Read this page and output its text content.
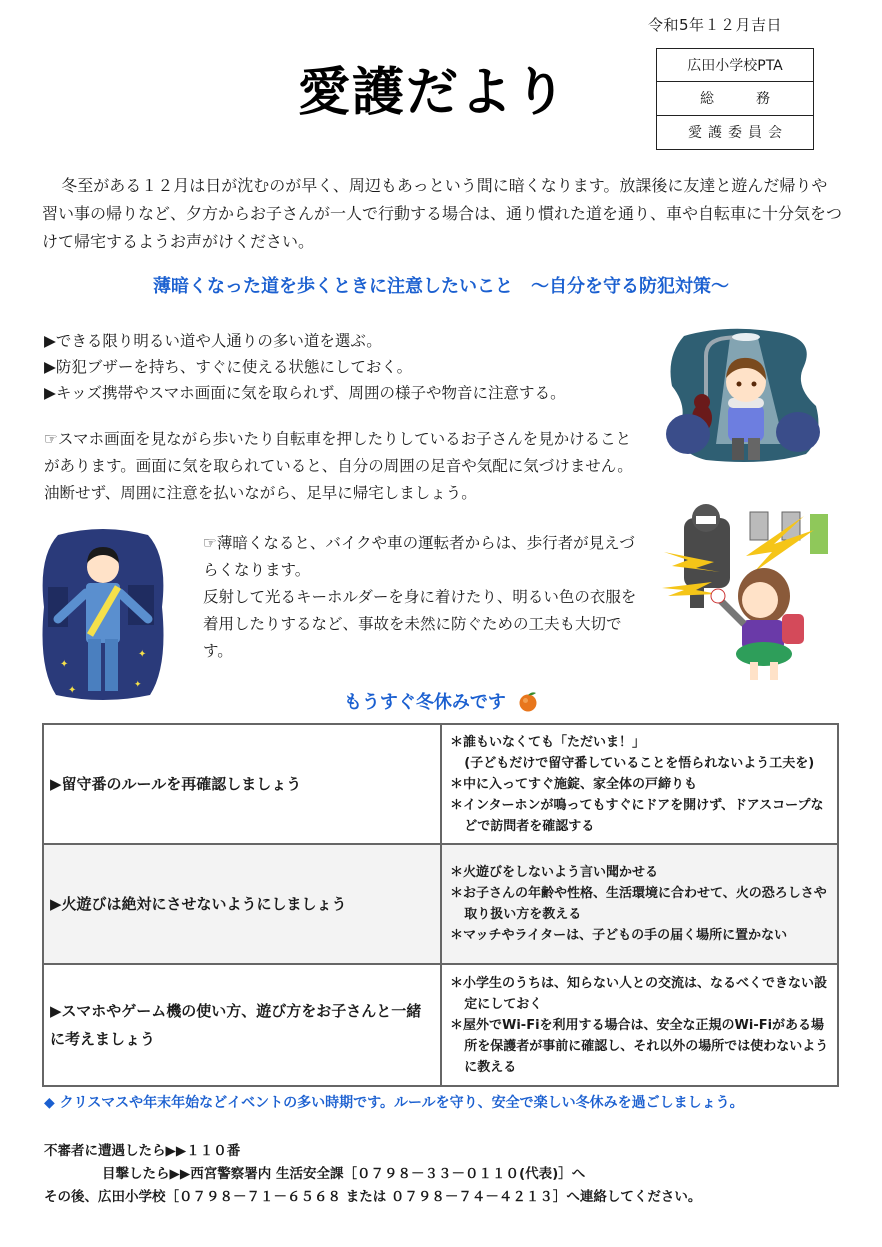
令和5年１２月吉日
愛護だより	広田小学校PTA
総　務
愛護委員会

冬至がある１２月は日が沈むのが早く、周辺もあっという間に暗くなります。放課後に友達と遊んだ帰りや習い事の帰りなど、夕方からお子さんが一人で行動する場合は、通り慣れた道を通り、車や自転車に十分気をつけて帰宅するようお声がけください。

薄暗くなった道を歩くときに注意したいこと　～自分を守る防犯対策～
▶できる限り明るい道や人通りの多い道を選ぶ。
▶防犯ブザーを持ち、すぐに使える状態にしておく。
▶キッズ携帯やスマホ画面に気を取られず、周囲の様子や物音に注意する。

☞スマホ画面を見ながら歩いたり自転車を押したりしているお子さんを見かけることがあります。画面に気を取られていると、自分の周囲の足音や気配に気づけません。油断せず、周囲に注意を払いながら、足早に帰宅しましょう。

☞薄暗くなると、バイクや車の運転者からは、歩行者が見えづらくなります。
反射して光るキーホルダーを身に着けたり、明るい色の衣服を着用したりするなど、事故を未然に防ぐための工夫も大切です。
✦
✦
✦	✦
もうすぐ冬休みです
▶留守番のルールを再確認しましょう	＊誰もいなくても「ただいま！」
(子どもだけで留守番していることを悟られないよう工夫を)
＊中に入ってすぐ施錠、家全体の戸締りも
＊インターホンが鳴ってもすぐにドアを開けず、ドアスコープなどで訪問者を確認する

▶火遊びは絶対にさせないようにしましょう	＊火遊びをしないよう言い聞かせる
＊お子さんの年齢や性格、生活環境に合わせて、火の恐ろしさや取り扱い方を教える
＊マッチやライターは、子どもの手の届く場所に置かない

▶スマホやゲーム機の使い方、遊び方をお子さんと一緒に考えましょう	＊小学生のうちは、知らない人との交流は、なるべくできない設定にしておく
＊屋外でWi-Fiを利用する場合は、安全な正規のWi-Fiがある場所を保護者が事前に確認し、それ以外の場所では使わないように教える
◆ クリスマスや年末年始などイベントの多い時期です。ルールを守り、安全で楽しい冬休みを過ごしましょう。
不審者に遭遇したら▶▶１１０番
目撃したら▶▶西宮警察署内 生活安全課［０７９８－３３－０１１０(代表)］へ
その後、広田小学校［０７９８－７１－６５６８ または ０７９８－７４－４２１３］へ連絡してください。
